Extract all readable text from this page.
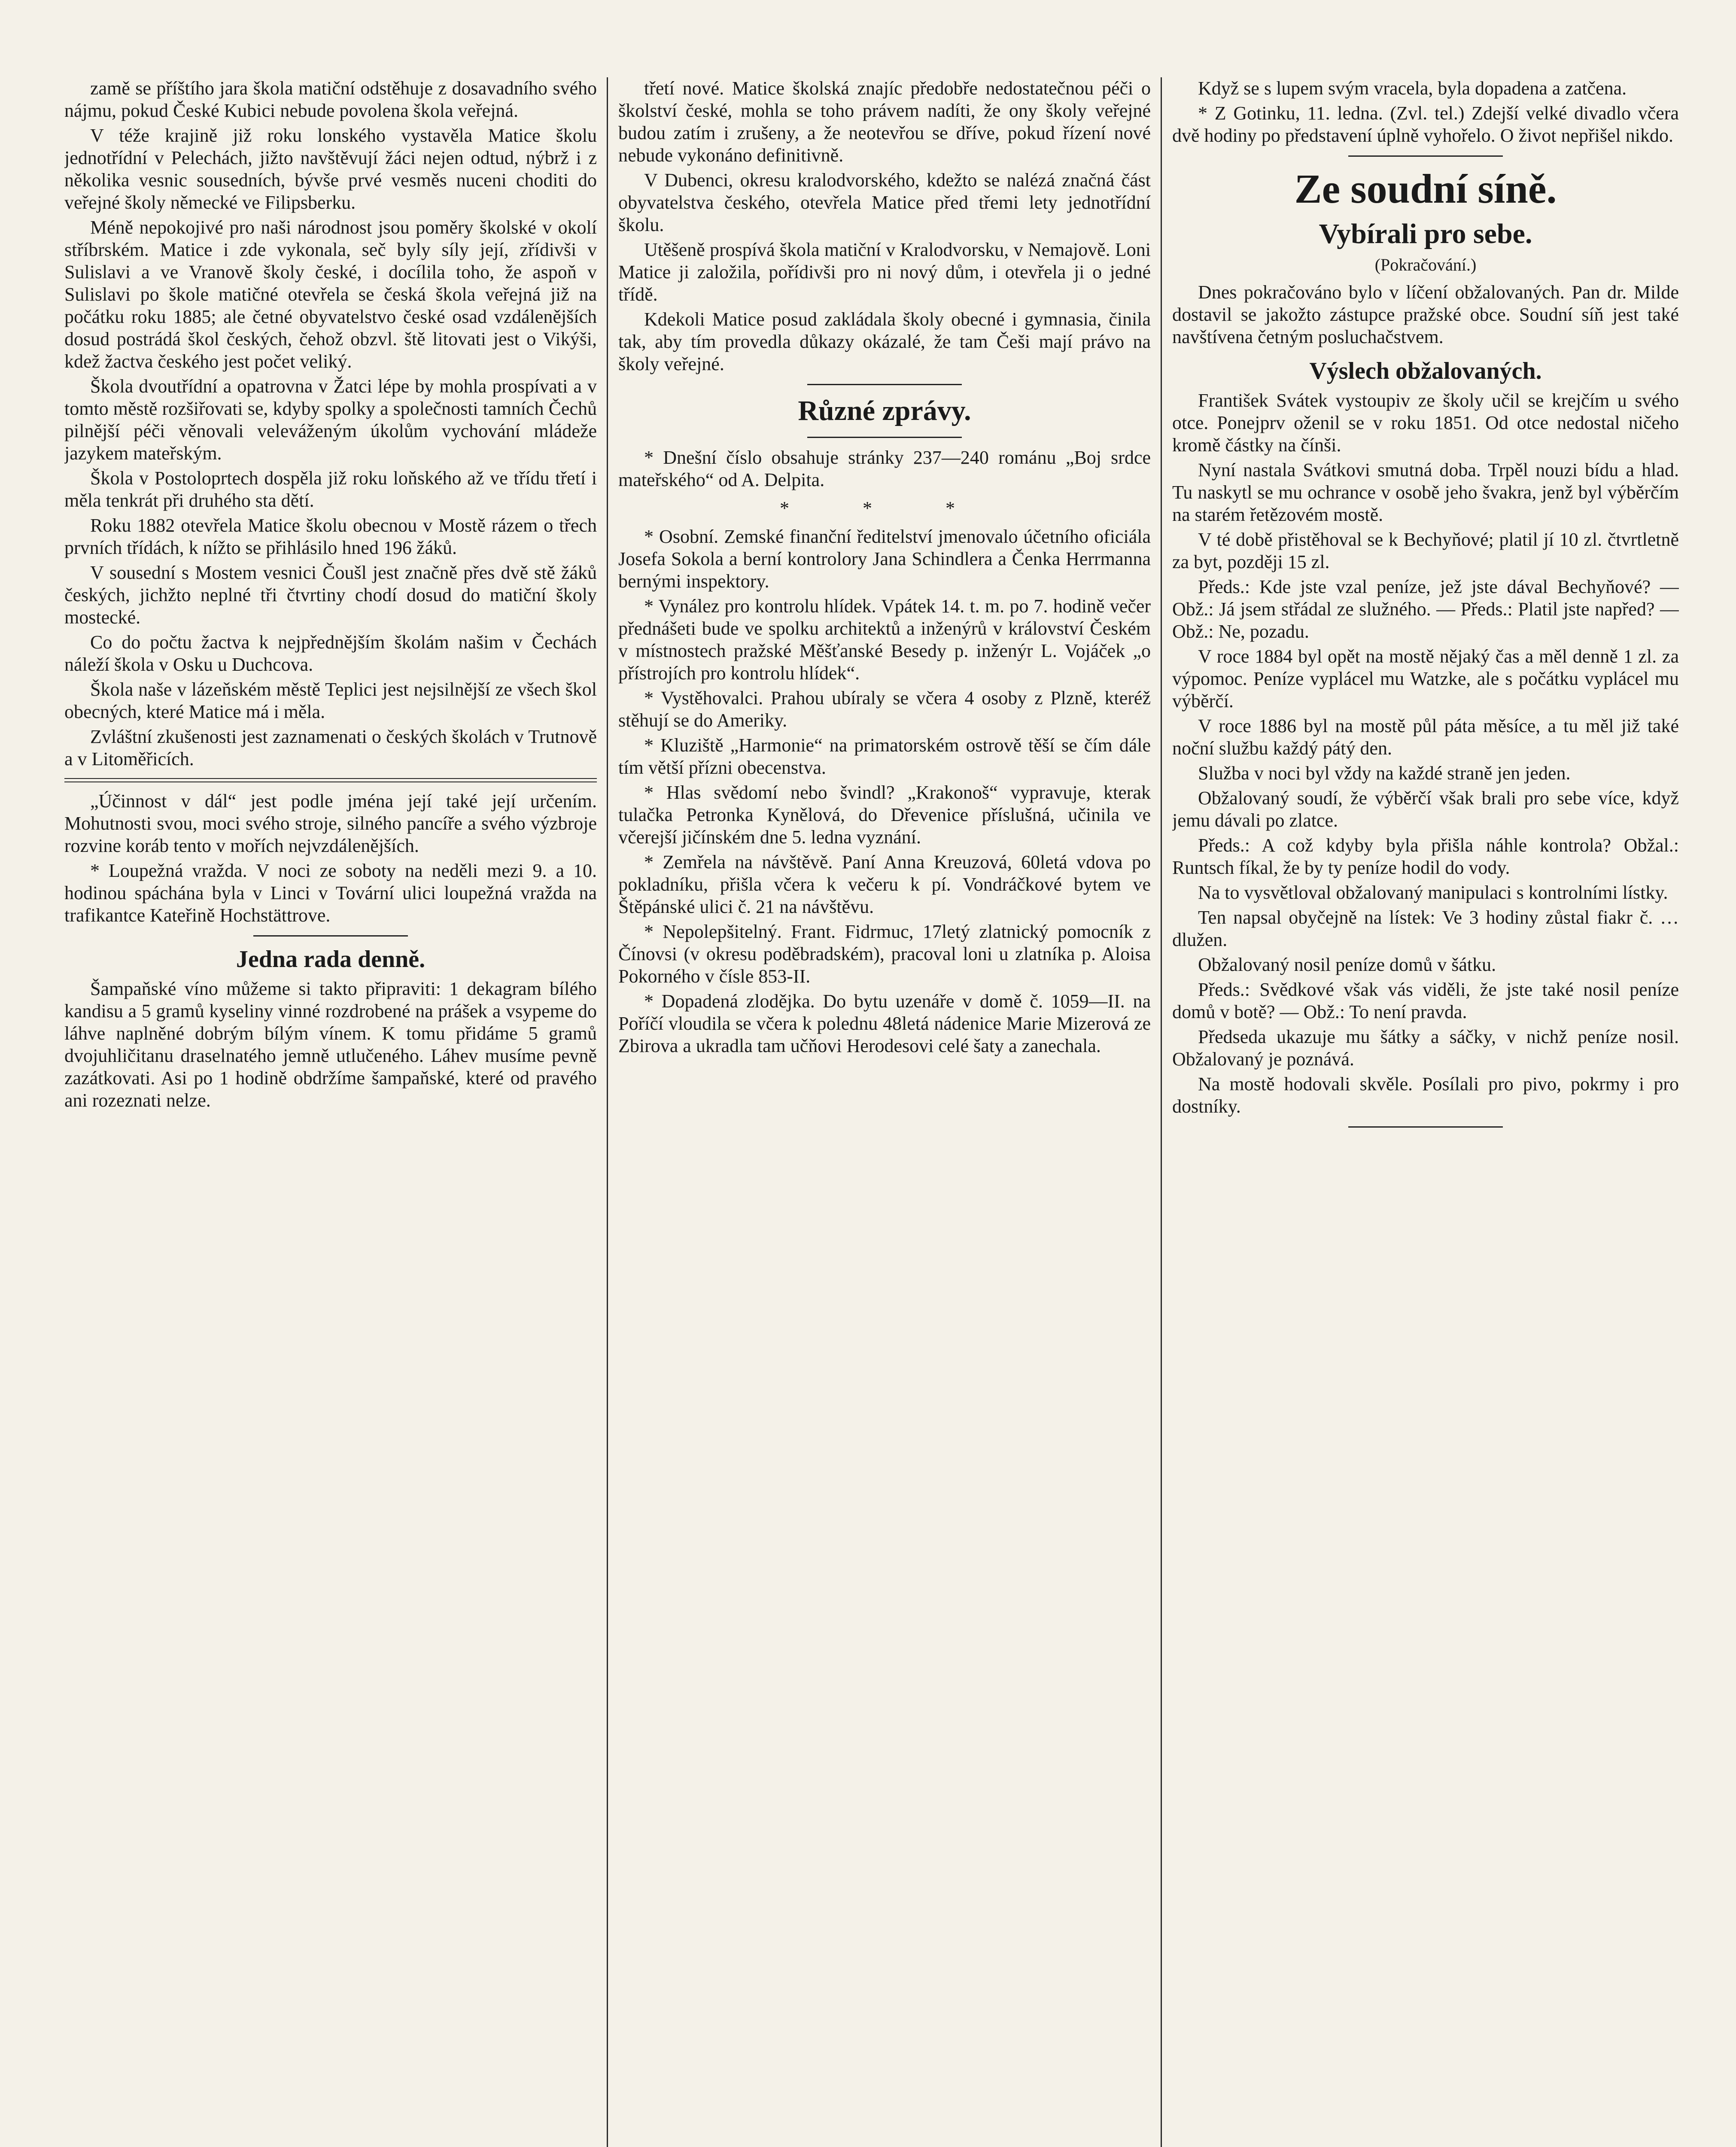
zamě se příštího jara škola matiční odstěhuje z dosavadního svého nájmu, pokud České Kubici nebude povolena škola veřejná.

V téže krajině již roku lonského vystavěla Matice školu jednotřídní v Pelechách, jižto navštěvují žáci nejen odtud, nýbrž i z několika vesnic sousedních, bývše prvé vesměs nuceni choditi do veřejné školy německé ve Filipsberku.

Méně nepokojivé pro naši národnost jsou poměry školské v okolí stříbrském. Matice i zde vykonala, seč byly síly její, zřídivši v Sulislavi a ve Vranově školy české, i docílila toho, že aspoň v Sulislavi po škole matičné otevřela se česká škola veřejná již na počátku roku 1885; ale četné obyvatelstvo české osad vzdálenějších dosud postrádá škol českých, čehož obzvl. ště litovati jest o Vikýši, kdež žactva českého jest počet veliký.

Škola dvoutřídní a opatrovna v Žatci lépe by mohla prospívati a v tomto městě rozšiřovati se, kdyby spolky a společnosti tamních Čechů pilnější péči věnovali veleváženým úkolům vychování mládeže jazykem mateřským.

Škola v Postoloprtech dospěla již roku loňského až ve třídu třetí i měla tenkrát při druhého sta dětí.

Roku 1882 otevřela Matice školu obecnou v Mostě rázem o třech prvních třídách, k nížto se přihlásilo hned 196 žáků.

V sousední s Mostem vesnici Čoušl jest značně přes dvě stě žáků českých, jichžto neplné tři čtvrtiny chodí dosud do matiční školy mostecké.

Co do počtu žactva k nejpřednějším školám našim v Čechách náleží škola v Osku u Duchcova.

Škola naše v lázeňském městě Teplici jest nejsilnější ze všech škol obecných, které Matice má i měla.

Zvláštní zkušenosti jest zaznamenati o českých školách v Trutnově a v Litoměřicích.

„Účinnost v dál“ jest podle jména její také její určením. Mohutnosti svou, moci svého stroje, silného pancíře a svého výzbroje rozvine koráb tento v mořích nejvzdálenějších.

* Loupežná vražda. V noci ze soboty na neděli mezi 9. a 10. hodinou spáchána byla v Linci v Tovární ulici loupežná vražda na trafikantce Kateřině Hochstättrove.

Jedna rada denně.

Šampaňské víno můžeme si takto připraviti: 1 dekagram bílého kandisu a 5 gramů kyseliny vinné rozdrobené na prášek a vsypeme do láhve naplněné dobrým bílým vínem. K tomu přidáme 5 gramů dvojuhličitanu draselnatého jemně utlučeného. Láhev musíme pevně zazátkovati. Asi po 1 hodině obdržíme šampaňské, které od pravého ani rozeznati nelze.

třetí nové. Matice školská znajíc předobře nedostatečnou péči o školství české, mohla se toho právem nadíti, že ony školy veřejné budou zatím i zrušeny, a že neotevřou se dříve, pokud řízení nové nebude vykonáno definitivně.

V Dubenci, okresu kralodvorského, kdežto se nalézá značná část obyvatelstva českého, otevřela Matice před třemi lety jednotřídní školu.

Utěšeně prospívá škola matiční v Kralodvorsku, v Nemajově. Loni Matice ji založila, pořídivši pro ni nový dům, i otevřela ji o jedné třídě.

Kdekoli Matice posud zakládala školy obecné i gymnasia, činila tak, aby tím provedla důkazy okázalé, že tam Češi mají právo na školy veřejné.

Různé zprávy.

* Dnešní číslo obsahuje stránky 237—240 románu „Boj srdce mateřského“ od A. Delpita.

* * *

* Osobní. Zemské finanční ředitelství jmenovalo účetního oficiála Josefa Sokola a berní kontrolory Jana Schindlera a Čenka Herrmanna bernými inspektory.

* Vynález pro kontrolu hlídek. Vpátek 14. t. m. po 7. hodině večer přednášeti bude ve spolku architektů a inženýrů v království Českém v místnostech pražské Měšťanské Besedy p. inženýr L. Vojáček „o přístrojích pro kontrolu hlídek“.

* Vystěhovalci. Prahou ubíraly se včera 4 osoby z Plzně, kteréž stěhují se do Ameriky.

* Kluziště „Harmonie“ na primatorském ostrově těší se čím dále tím větší přízni obecenstva.

* Hlas svědomí nebo švindl? „Krakonoš“ vypravuje, kterak tulačka Petronka Kynělová, do Dřevenice příslušná, učinila ve včerejší jičínském dne 5. ledna vyznání.

* Zemřela na návštěvě. Paní Anna Kreuzová, 60letá vdova po pokladníku, přišla včera k večeru k pí. Vondráčkové bytem ve Štěpánské ulici č. 21 na návštěvu.

* Nepolepšitelný. Frant. Fidrmuc, 17letý zlatnický pomocník z Čínovsi (v okresu poděbradském), pracoval loni u zlatníka p. Aloisa Pokorného v čísle 853-II.

* Dopadená zlodějka. Do bytu uzenáře v domě č. 1059—II. na Poříčí vloudila se včera k polednu 48letá nádenice Marie Mizerová ze Zbirova a ukradla tam učňovi Herodesovi celé šaty a zanechala.

Když se s lupem svým vracela, byla dopadena a zatčena.

* Z Gotinku, 11. ledna. (Zvl. tel.) Zdejší velké divadlo včera dvě hodiny po představení úplně vyhořelo. O život nepřišel nikdo.

Ze soudní síně.
Vybírali pro sebe.
(Pokračování.)

Dnes pokračováno bylo v líčení obžalovaných. Pan dr. Milde dostavil se jakožto zástupce pražské obce. Soudní síň jest také navštívena četným posluchačstvem.

Výslech obžalovaných.

František Svátek vystoupiv ze školy učil se krejčím u svého otce. Ponejprv oženil se v roku 1851. Od otce nedostal ničeho kromě částky na čínši.

Nyní nastala Svátkovi smutná doba. Trpěl nouzi bídu a hlad. Tu naskytl se mu ochrance v osobě jeho švakra, jenž byl výběrčím na starém řetězovém mostě.

V té době přistěhoval se k Bechyňové; platil jí 10 zl. čtvrtletně za byt, později 15 zl.

Předs.: Kde jste vzal peníze, jež jste dával Bechyňové? — Obž.: Já jsem střádal ze služného. — Předs.: Platil jste napřed? — Obž.: Ne, pozadu.

V roce 1884 byl opět na mostě nějaký čas a měl denně 1 zl. za výpomoc. Peníze vyplácel mu Watzke, ale s počátku vyplácel mu výběrčí.

V roce 1886 byl na mostě půl páta měsíce, a tu měl již také noční službu každý pátý den.

Služba v noci byl vždy na každé straně jen jeden.

Obžalovaný soudí, že výběrčí však brali pro sebe více, když jemu dávali po zlatce.

Předs.: A což kdyby byla přišla náhle kontrola? Obžal.: Runtsch fíkal, že by ty peníze hodil do vody.

Na to vysvětloval obžalovaný manipulaci s kontrolními lístky.

Ten napsal obyčejně na lístek: Ve 3 hodiny zůstal fiakr č. … dlužen.

Obžalovaný nosil peníze domů v šátku.

Předs.: Svědkové však vás viděli, že jste také nosil peníze domů v botě? — Obž.: To není pravda.

Předseda ukazuje mu šátky a sáčky, v nichž peníze nosil. Obžalovaný je poznává.

Na mostě hodovali skvěle. Posílali pro pivo, pokrmy i pro dostníky.
